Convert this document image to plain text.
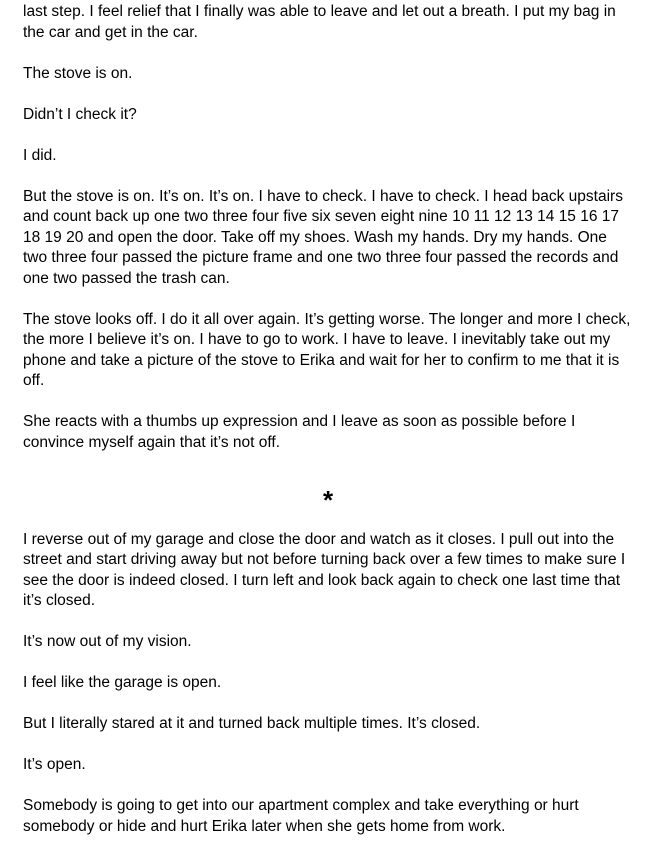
last step. I feel relief that I finally was able to leave and let out a breath. I put my bag in the car and get in the car.

The stove is on.

Didn’t I check it?

I did.

But the stove is on. It’s on. It’s on. I have to check. I have to check. I head back upstairs and count back up one two three four five six seven eight nine 10 11 12 13 14 15 16 17 18 19 20 and open the door. Take off my shoes. Wash my hands. Dry my hands. One two three four passed the picture frame and one two three four passed the records and one two passed the trash can.

The stove looks off. I do it all over again. It’s getting worse. The longer and more I check, the more I believe it’s on. I have to go to work. I have to leave. I inevitably take out my phone and take a picture of the stove to Erika and wait for her to confirm to me that it is off.

She reacts with a thumbs up expression and I leave as soon as possible before I convince myself again that it’s not off.

*

I reverse out of my garage and close the door and watch as it closes. I pull out into the street and start driving away but not before turning back over a few times to make sure I see the door is indeed closed. I turn left and look back again to check one last time that it’s closed.

It’s now out of my vision.

I feel like the garage is open.

But I literally stared at it and turned back multiple times. It’s closed.

It’s open.

Somebody is going to get into our apartment complex and take everything or hurt somebody or hide and hurt Erika later when she gets home from work.
